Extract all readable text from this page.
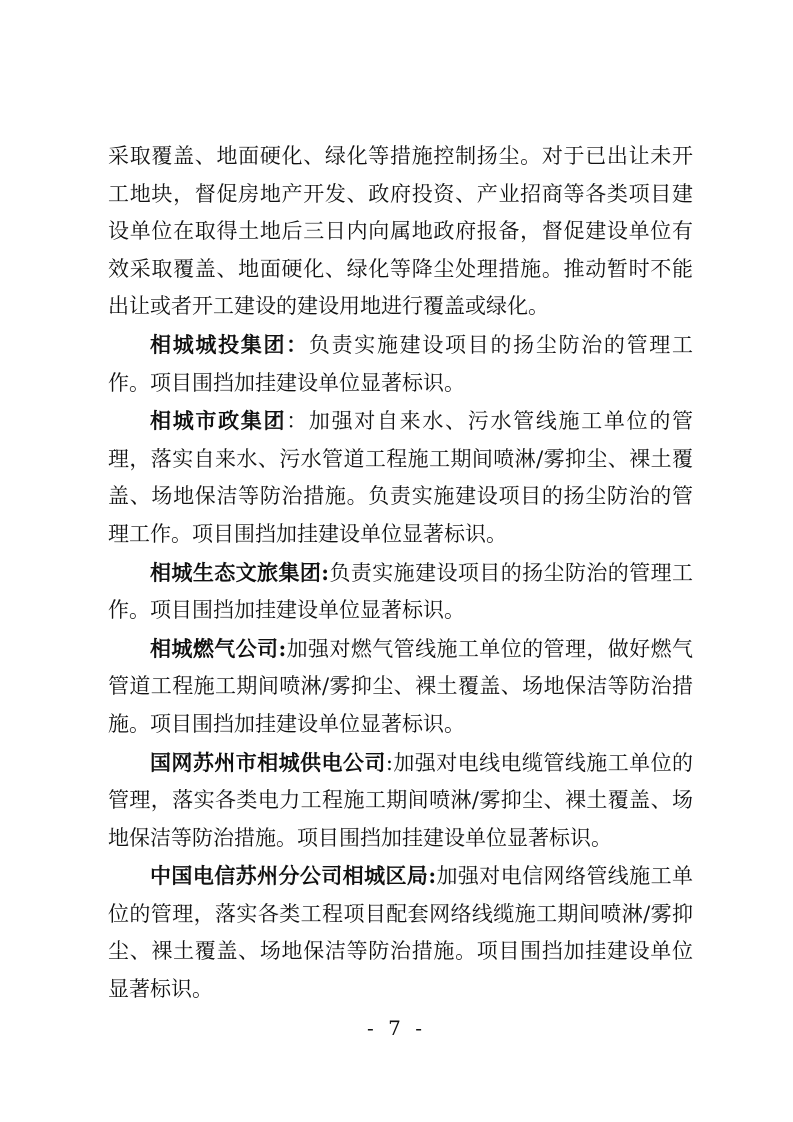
采取覆盖、地面硬化、绿化等措施控制扬尘。对于已出让未开工地块，督促房地产开发、政府投资、产业招商等各类项目建设单位在取得土地后三日内向属地政府报备，督促建设单位有效采取覆盖、地面硬化、绿化等降尘处理措施。推动暂时不能出让或者开工建设的建设用地进行覆盖或绿化。

相城城投集团：负责实施建设项目的扬尘防治的管理工作。项目围挡加挂建设单位显著标识。

相城市政集团：加强对自来水、污水管线施工单位的管理，落实自来水、污水管道工程施工期间喷淋/雾抑尘、裸土覆盖、场地保洁等防治措施。负责实施建设项目的扬尘防治的管理工作。项目围挡加挂建设单位显著标识。

相城生态文旅集团:负责实施建设项目的扬尘防治的管理工作。项目围挡加挂建设单位显著标识。

相城燃气公司:加强对燃气管线施工单位的管理，做好燃气管道工程施工期间喷淋/雾抑尘、裸土覆盖、场地保洁等防治措施。项目围挡加挂建设单位显著标识。

国网苏州市相城供电公司:加强对电线电缆管线施工单位的管理，落实各类电力工程施工期间喷淋/雾抑尘、裸土覆盖、场地保洁等防治措施。项目围挡加挂建设单位显著标识。

中国电信苏州分公司相城区局:加强对电信网络管线施工单位的管理，落实各类工程项目配套网络线缆施工期间喷淋/雾抑尘、裸土覆盖、场地保洁等防治措施。项目围挡加挂建设单位显著标识。

- 7 -
